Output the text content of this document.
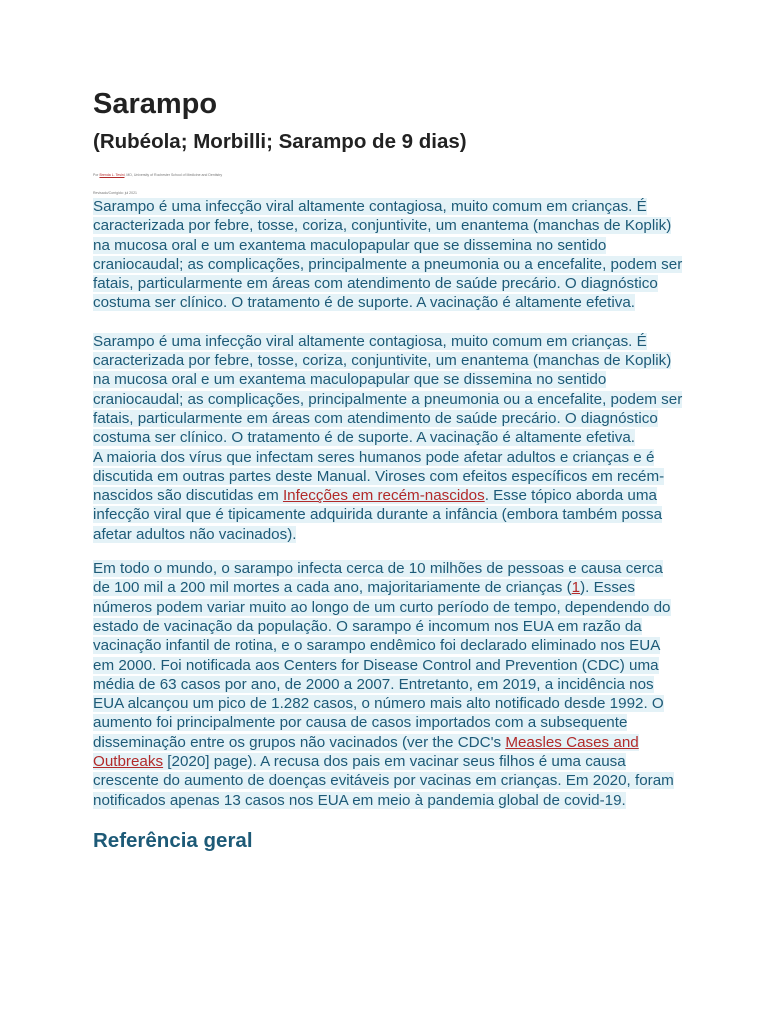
Sarampo
(Rubéola; Morbilli; Sarampo de 9 dias)

Por Brenda L. Tesini, MD, University of Rochester School of Medicine and Dentistry

Revisado/Corrigido: jul 2021

Sarampo é uma infecção viral altamente contagiosa, muito comum em crianças. É caracterizada por febre, tosse, coriza, conjuntivite, um enantema (manchas de Koplik) na mucosa oral e um exantema maculopapular que se dissemina no sentido craniocaudal; as complicações, principalmente a pneumonia ou a encefalite, podem ser fatais, particularmente em áreas com atendimento de saúde precário. O diagnóstico costuma ser clínico. O tratamento é de suporte. A vacinação é altamente efetiva.

Sarampo é uma infecção viral altamente contagiosa, muito comum em crianças. É caracterizada por febre, tosse, coriza, conjuntivite, um enantema (manchas de Koplik) na mucosa oral e um exantema maculopapular que se dissemina no sentido craniocaudal; as complicações, principalmente a pneumonia ou a encefalite, podem ser fatais, particularmente em áreas com atendimento de saúde precário. O diagnóstico costuma ser clínico. O tratamento é de suporte. A vacinação é altamente efetiva.

A maioria dos vírus que infectam seres humanos pode afetar adultos e crianças e é discutida em outras partes deste Manual. Viroses com efeitos específicos em recém-nascidos são discutidas em Infecções em recém-nascidos. Esse tópico aborda uma infecção viral que é tipicamente adquirida durante a infância (embora também possa afetar adultos não vacinados).

Em todo o mundo, o sarampo infecta cerca de 10 milhões de pessoas e causa cerca de 100 mil a 200 mil mortes a cada ano, majoritariamente de crianças (1). Esses números podem variar muito ao longo de um curto período de tempo, dependendo do estado de vacinação da população. O sarampo é incomum nos EUA em razão da vacinação infantil de rotina, e o sarampo endêmico foi declarado eliminado nos EUA em 2000. Foi notificada aos Centers for Disease Control and Prevention (CDC) uma média de 63 casos por ano, de 2000 a 2007. Entretanto, em 2019, a incidência nos EUA alcançou um pico de 1.282 casos, o número mais alto notificado desde 1992. O aumento foi principalmente por causa de casos importados com a subsequente disseminação entre os grupos não vacinados (ver the CDC's Measles Cases and Outbreaks [2020] page). A recusa dos pais em vacinar seus filhos é uma causa crescente do aumento de doenças evitáveis por vacinas em crianças. Em 2020, foram notificados apenas 13 casos nos EUA em meio à pandemia global de covid-19.

Referência geral
